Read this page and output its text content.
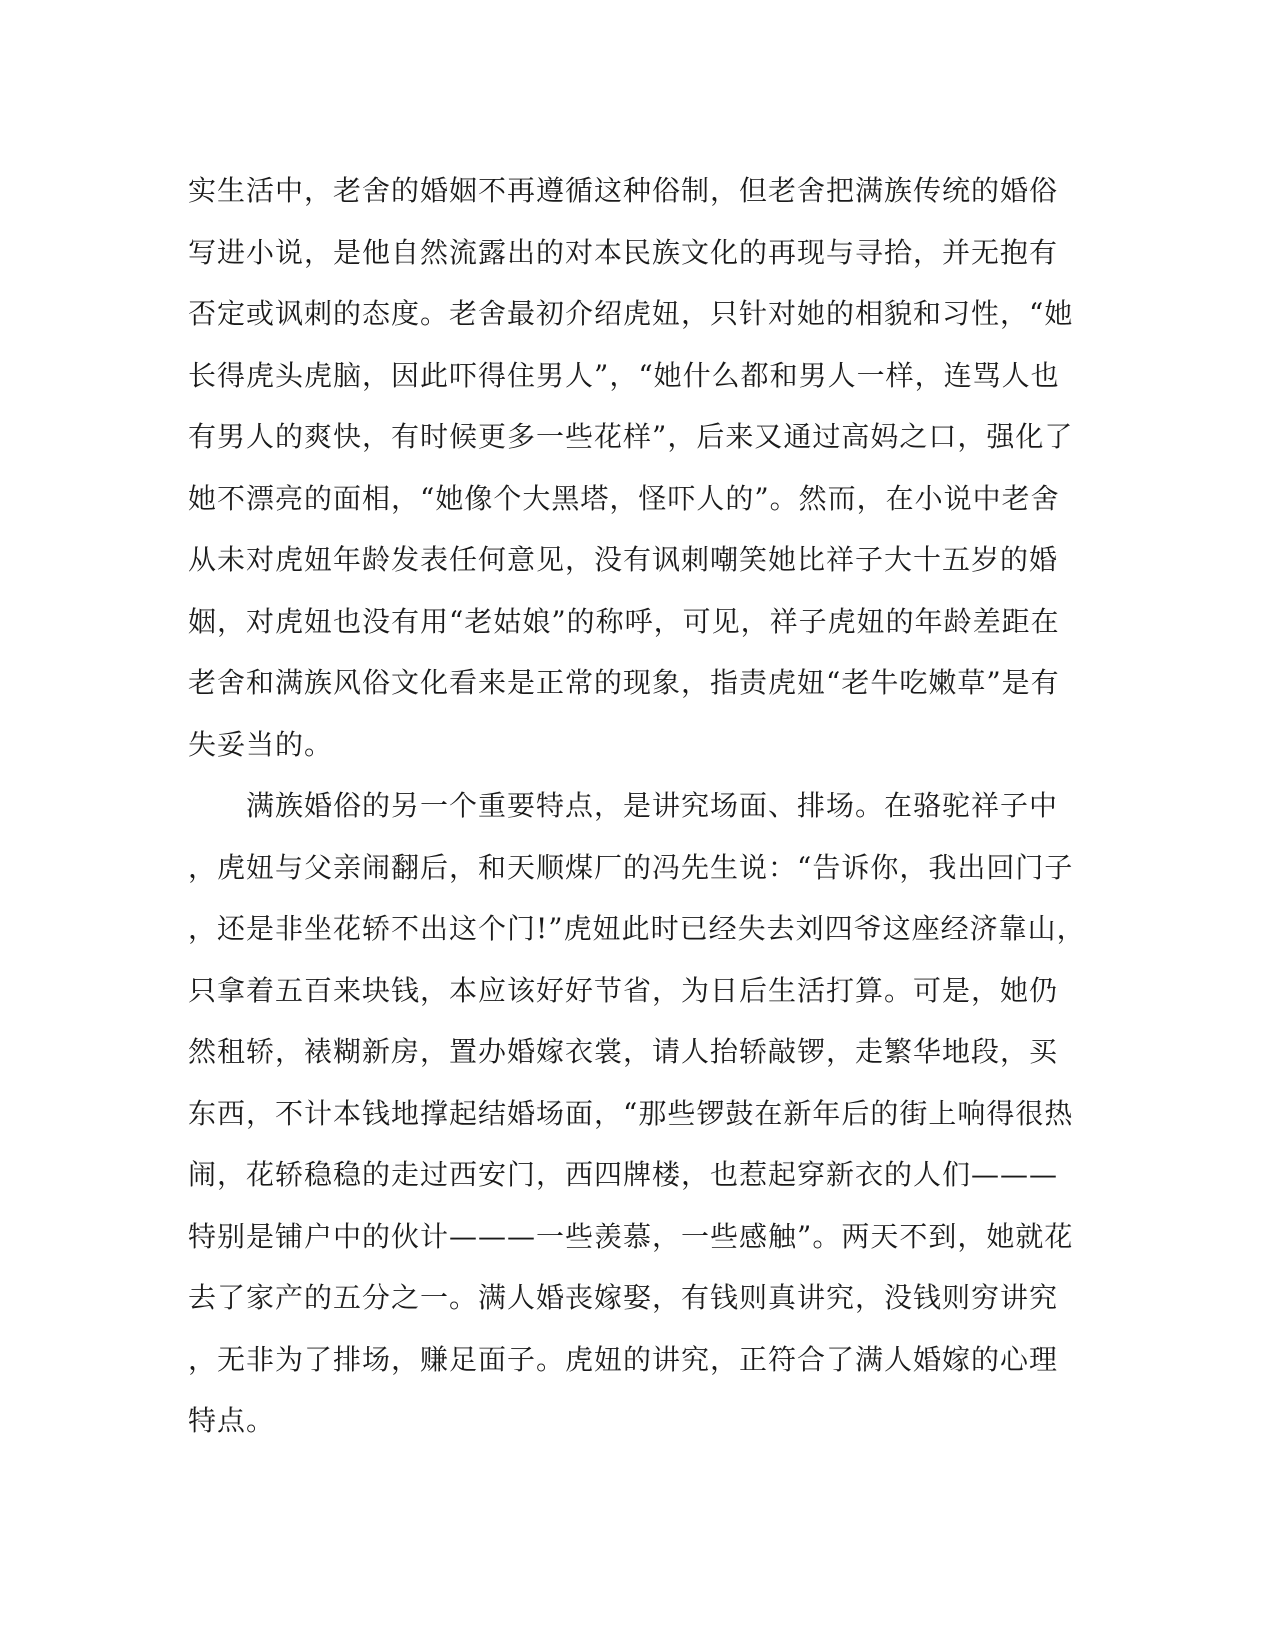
实生活中，老舍的婚姻不再遵循这种俗制，但老舍把满族传统的婚俗
写进小说，是他自然流露出的对本民族文化的再现与寻拾，并无抱有
否定或讽刺的态度。老舍最初介绍虎妞，只针对她的相貌和习性，“她
长得虎头虎脑，因此吓得住男人”，“她什么都和男人一样，连骂人也
有男人的爽快，有时候更多一些花样”，后来又通过高妈之口，强化了
她不漂亮的面相，“她像个大黑塔，怪吓人的”。然而，在小说中老舍
从未对虎妞年龄发表任何意见，没有讽刺嘲笑她比祥子大十五岁的婚
姻，对虎妞也没有用“老姑娘”的称呼，可见，祥子虎妞的年龄差距在
老舍和满族风俗文化看来是正常的现象，指责虎妞“老牛吃嫩草”是有
失妥当的。

　　满族婚俗的另一个重要特点，是讲究场面、排场。在骆驼祥子中
，虎妞与父亲闹翻后，和天顺煤厂的冯先生说：“告诉你，我出回门子
，还是非坐花轿不出这个门!”虎妞此时已经失去刘四爷这座经济靠山，
只拿着五百来块钱，本应该好好节省，为日后生活打算。可是，她仍
然租轿，裱糊新房，置办婚嫁衣裳，请人抬轿敲锣，走繁华地段，买
东西，不计本钱地撑起结婚场面，“那些锣鼓在新年后的街上响得很热
闹，花轿稳稳的走过西安门，西四牌楼，也惹起穿新衣的人们———
特别是铺户中的伙计———一些羡慕，一些感触”。两天不到，她就花
去了家产的五分之一。满人婚丧嫁娶，有钱则真讲究，没钱则穷讲究
，无非为了排场，赚足面子。虎妞的讲究，正符合了满人婚嫁的心理
特点。
